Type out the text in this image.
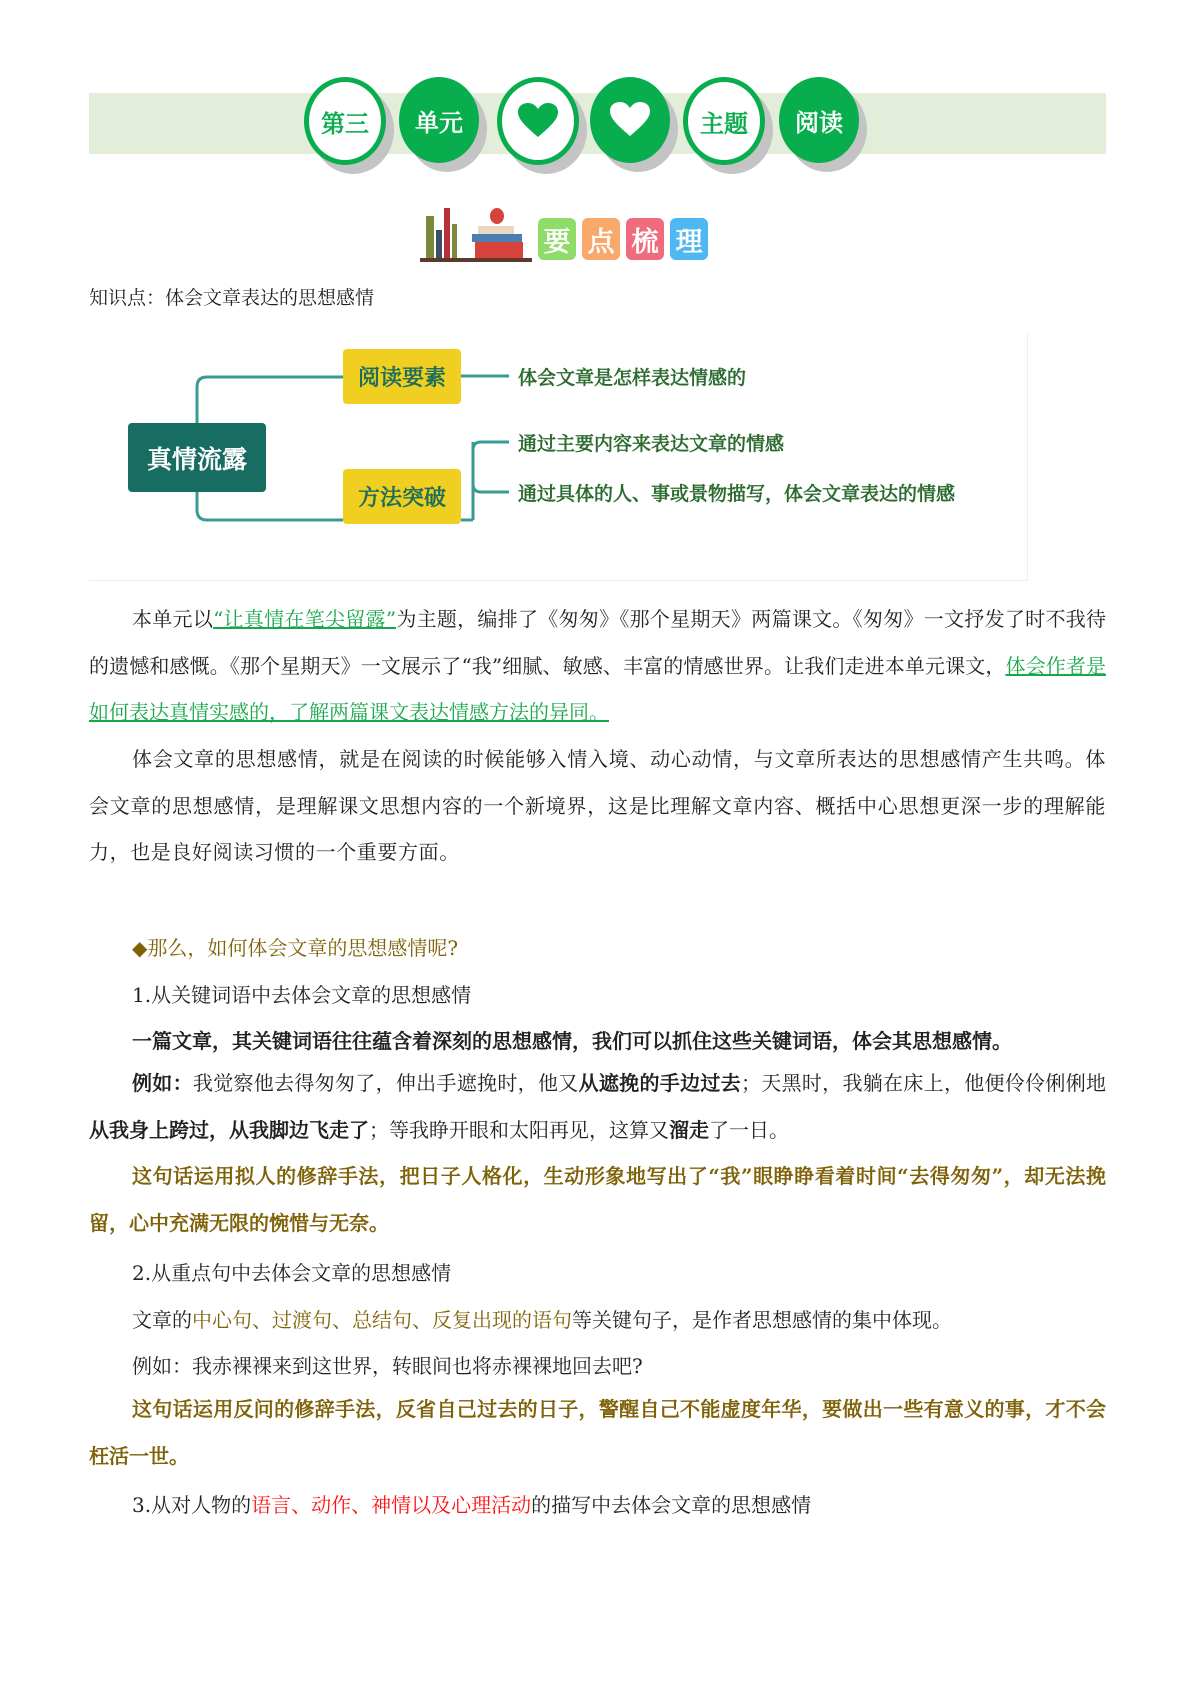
第三	单元	主题	阅读
要 点 梳 理
知识点：体会文章表达的思想感情
真情流露
阅读要素
方法突破
体会文章是怎样表达情感的
通过主要内容来表达文章的情感
通过具体的人、事或景物描写，体会文章表达的情感
本单元以“让真情在笔尖留露”为主题，编排了《匆匆》《那个星期天》两篇课文。《匆匆》一文抒发了时不我待的遗憾和感慨。《那个星期天》一文展示了“我”细腻、敏感、丰富的情感世界。让我们走进本单元课文，体会作者是如何表达真情实感的，了解两篇课文表达情感方法的异同。
体会文章的思想感情，就是在阅读的时候能够入情入境、动心动情，与文章所表达的思想感情产生共鸣。体会文章的思想感情，是理解课文思想内容的一个新境界，这是比理解文章内容、概括中心思想更深一步的理解能力，也是良好阅读习惯的一个重要方面。
◆那么，如何体会文章的思想感情呢?
1.从关键词语中去体会文章的思想感情
一篇文章，其关键词语往往蕴含着深刻的思想感情，我们可以抓住这些关键词语，体会其思想感情。
例如：我觉察他去得匆匆了，伸出手遮挽时，他又从遮挽的手边过去；天黑时，我躺在床上，他便伶伶俐俐地从我身上跨过，从我脚边飞走了；等我睁开眼和太阳再见，这算又溜走了一日。
这句话运用拟人的修辞手法，把日子人格化，生动形象地写出了“我”眼睁睁看着时间“去得匆匆”，却无法挽留，心中充满无限的惋惜与无奈。
2.从重点句中去体会文章的思想感情
文章的中心句、过渡句、总结句、反复出现的语句等关键句子，是作者思想感情的集中体现。
例如：我赤裸裸来到这世界，转眼间也将赤裸裸地回去吧?
这句话运用反问的修辞手法，反省自己过去的日子，警醒自己不能虚度年华，要做出一些有意义的事，才不会枉活一世。
3.从对人物的语言、动作、神情以及心理活动的描写中去体会文章的思想感情
